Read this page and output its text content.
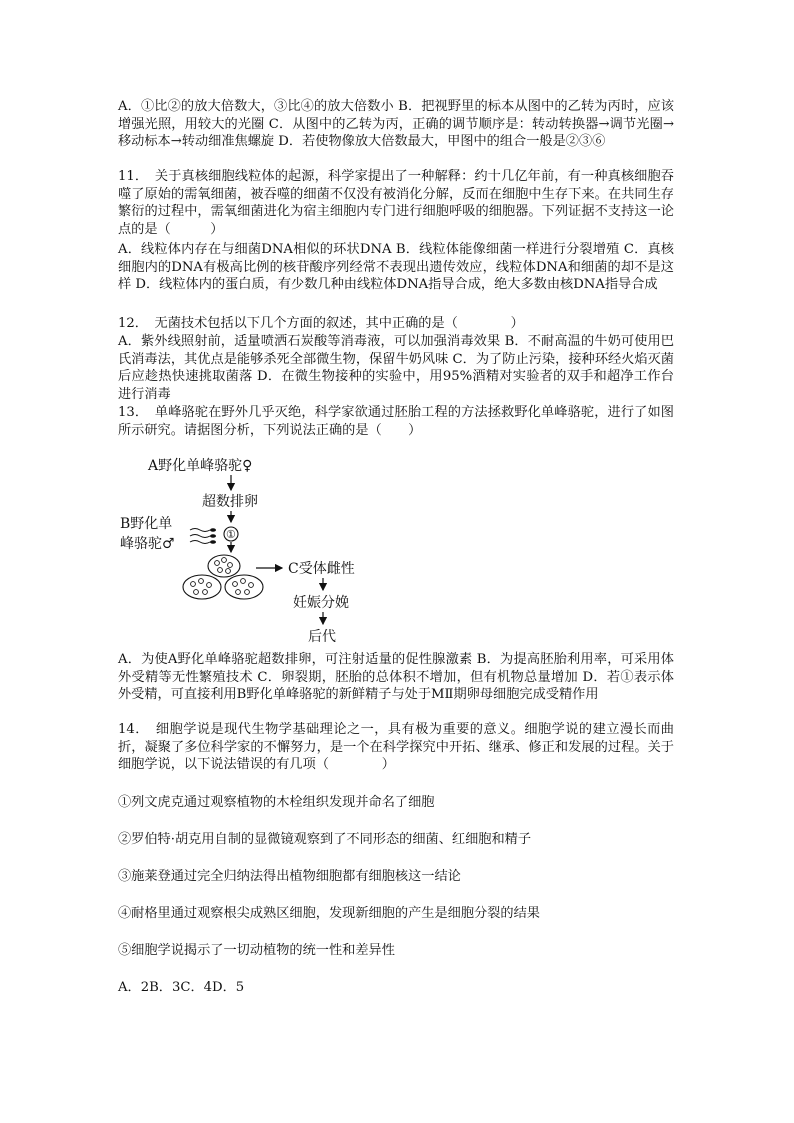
A．①比②的放大倍数大，③比④的放大倍数小 B．把视野里的标本从图中的乙转为丙时，应该增强光照，用较大的光圈 C．从图中的乙转为丙，正确的调节顺序是：转动转换器→调节光圈→移动标本→转动细准焦螺旋 D．若使物像放大倍数最大，甲图中的组合一般是②③⑥

11．　关于真核细胞线粒体的起源，科学家提出了一种解释：约十几亿年前，有一种真核细胞吞噬了原始的需氧细菌，被吞噬的细菌不仅没有被消化分解，反而在细胞中生存下来。在共同生存繁衍的过程中，需氧细菌进化为宿主细胞内专门进行细胞呼吸的细胞器。下列证据不支持这一论点的是（　　　）

A．线粒体内存在与细菌DNA相似的环状DNA B．线粒体能像细菌一样进行分裂增殖 C．真核细胞内的DNA有极高比例的核苷酸序列经常不表现出遗传效应，线粒体DNA和细菌的却不是这样 D．线粒体内的蛋白质，有少数几种由线粒体DNA指导合成，绝大多数由核DNA指导合成

12．　无菌技术包括以下几个方面的叙述，其中正确的是（　　　　）

A．紫外线照射前，适量喷洒石炭酸等消毒液，可以加强消毒效果 B．不耐高温的牛奶可使用巴氏消毒法，其优点是能够杀死全部微生物，保留牛奶风味 C．为了防止污染，接种环经火焰灭菌后应趁热快速挑取菌落 D．在微生物接种的实验中，用95%酒精对实验者的双手和超净工作台进行消毒

13．　单峰骆驼在野外几乎灭绝，科学家欲通过胚胎工程的方法拯救野化单峰骆驼，进行了如图所示研究。请据图分析，下列说法正确的是（　　）

A野化单峰骆驼♀
超数排卵
B野化单
峰骆驼♂
①
C受体雌性
妊娠分娩
后代

A．为使A野化单峰骆驼超数排卵，可注射适量的促性腺激素 B．为提高胚胎利用率，可采用体外受精等无性繁殖技术 C．卵裂期，胚胎的总体积不增加，但有机物总量增加 D．若①表示体外受精，可直接利用B野化单峰骆驼的新鲜精子与处于MⅡ期卵母细胞完成受精作用

14．　细胞学说是现代生物学基础理论之一，具有极为重要的意义。细胞学说的建立漫长而曲折，凝聚了多位科学家的不懈努力，是一个在科学探究中开拓、继承、修正和发展的过程。关于细胞学说，以下说法错误的有几项（　　　　）

①列文虎克通过观察植物的木栓组织发现并命名了细胞

②罗伯特·胡克用自制的显微镜观察到了不同形态的细菌、红细胞和精子

③施莱登通过完全归纳法得出植物细胞都有细胞核这一结论

④耐格里通过观察根尖成熟区细胞，发现新细胞的产生是细胞分裂的结果

⑤细胞学说揭示了一切动植物的统一性和差异性

A．2B．3C．4D．5
